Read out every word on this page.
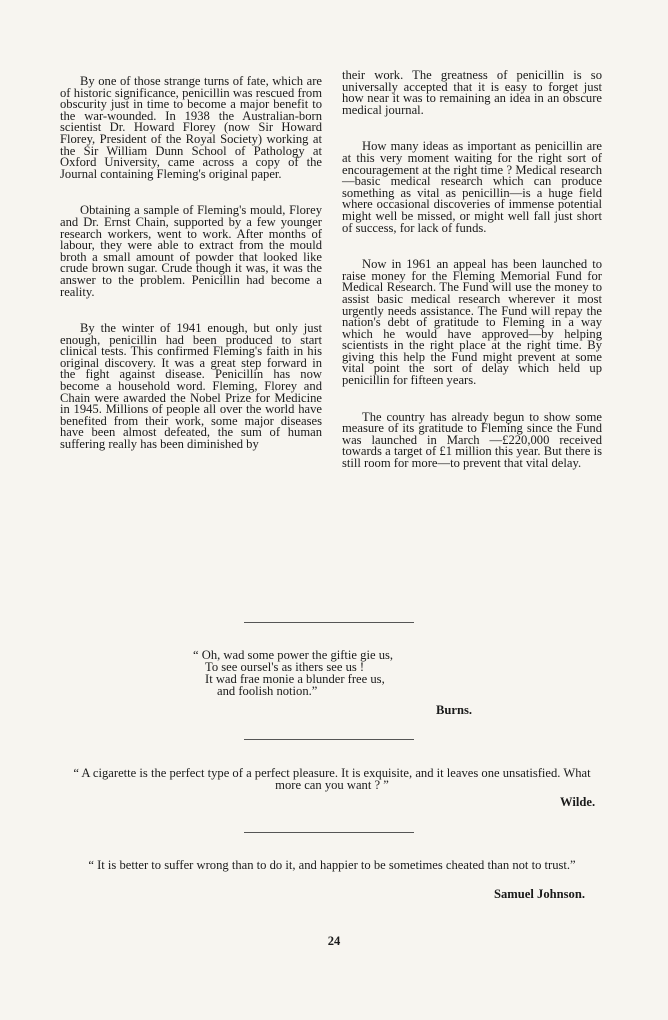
By one of those strange turns of fate, which are of historic significance, penicillin was rescued from obscurity just in time to become a major benefit to the war-wounded. In 1938 the Australian-born scientist Dr. Howard Florey (now Sir Howard Florey, President of the Royal Society) working at the Sir William Dunn School of Pathology at Oxford University, came across a copy of the Journal containing Fleming's original paper.

Obtaining a sample of Fleming's mould, Florey and Dr. Ernst Chain, supported by a few younger research workers, went to work. After months of labour, they were able to extract from the mould broth a small amount of powder that looked like crude brown sugar. Crude though it was, it was the answer to the problem. Penicillin had become a reality.

By the winter of 1941 enough, but only just enough, penicillin had been produced to start clinical tests. This confirmed Fleming's faith in his original discovery. It was a great step forward in the fight against disease. Penicillin has now become a household word. Fleming, Florey and Chain were awarded the Nobel Prize for Medicine in 1945. Millions of people all over the world have benefited from their work, some major diseases have been almost defeated, the sum of human suffering really has been diminished by

their work. The greatness of penicillin is so universally accepted that it is easy to forget just how near it was to remaining an idea in an obscure medical journal.

How many ideas as important as penicillin are at this very moment waiting for the right sort of encouragement at the right time ? Medical research—basic medical research which can produce something as vital as penicillin—is a huge field where occasional discoveries of immense potential might well be missed, or might well fall just short of success, for lack of funds.

Now in 1961 an appeal has been launched to raise money for the Fleming Memorial Fund for Medical Research. The Fund will use the money to assist basic medical research wherever it most urgently needs assistance. The Fund will repay the nation's debt of gratitude to Fleming in a way which he would have approved—by helping scientists in the right place at the right time. By giving this help the Fund might prevent at some vital point the sort of delay which held up penicillin for fifteen years.

The country has already begun to show some measure of its gratitude to Fleming since the Fund was launched in March —£220,000 received towards a target of £1 million this year. But there is still room for more—to prevent that vital delay.

“ Oh, wad some power the giftie gie us,
To see oursel's as ithers see us !
It wad frae monie a blunder free us,
and foolish notion.”
Burns.
“ A cigarette is the perfect type of a perfect pleasure. It is exquisite, and it leaves one unsatisfied. What more can you want ? ”
Wilde.
“ It is better to suffer wrong than to do it, and happier to be sometimes cheated than not to trust.”
Samuel Johnson.
24
